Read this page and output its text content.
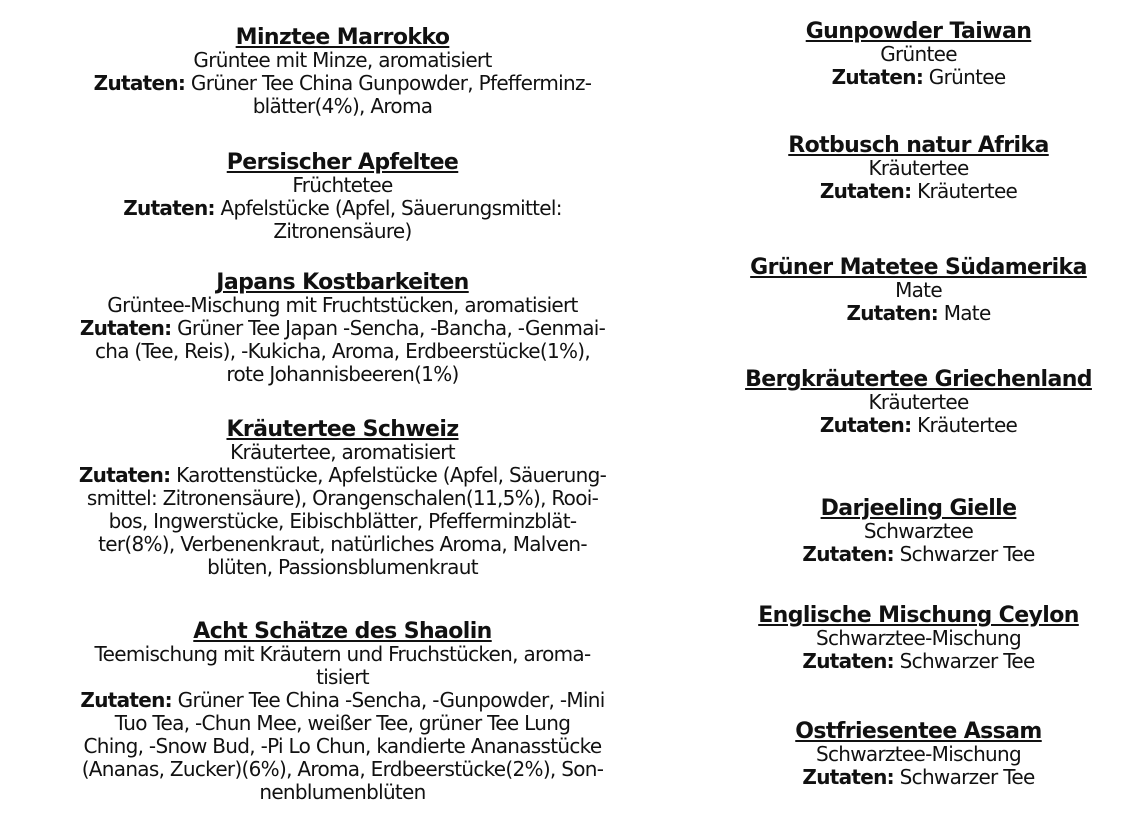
Minztee Marrokko
Grüntee mit Minze, aromatisiert
Zutaten: Grüner Tee China Gunpowder, Pfefferminz-
blätter(4%), Aroma
Persischer Apfeltee
Früchtetee
Zutaten: Apfelstücke (Apfel, Säuerungsmittel:
Zitronensäure)
Japans Kostbarkeiten
Grüntee-Mischung mit Fruchtstücken, aromatisiert
Zutaten: Grüner Tee Japan -Sencha, -Bancha, -Genmai-
cha (Tee, Reis), -Kukicha, Aroma, Erdbeerstücke(1%),
rote Johannisbeeren(1%)
Kräutertee Schweiz
Kräutertee, aromatisiert
Zutaten: Karottenstücke, Apfelstücke (Apfel, Säuerung-
smittel: Zitronensäure), Orangenschalen(11,5%), Rooi-
bos, Ingwerstücke, Eibischblätter, Pfefferminzblät-
ter(8%), Verbenenkraut, natürliches Aroma, Malven-
blüten, Passionsblumenkraut
Acht Schätze des Shaolin
Teemischung mit Kräutern und Fruchstücken, aroma-
tisiert
Zutaten: Grüner Tee China -Sencha, -Gunpowder, -Mini
Tuo Tea, -Chun Mee, weißer Tee, grüner Tee Lung
Ching, -Snow Bud, -Pi Lo Chun, kandierte Ananasstücke
(Ananas, Zucker)(6%), Aroma, Erdbeerstücke(2%), Son-
nenblumenblüten
Gunpowder Taiwan
Grüntee
Zutaten: Grüntee
Rotbusch natur Afrika
Kräutertee
Zutaten: Kräutertee
Grüner Matetee Südamerika
Mate
Zutaten: Mate
Bergkräutertee Griechenland
Kräutertee
Zutaten: Kräutertee
Darjeeling Gielle
Schwarztee
Zutaten: Schwarzer Tee
Englische Mischung Ceylon
Schwarztee-Mischung
Zutaten: Schwarzer Tee
Ostfriesentee Assam
Schwarztee-Mischung
Zutaten: Schwarzer Tee
